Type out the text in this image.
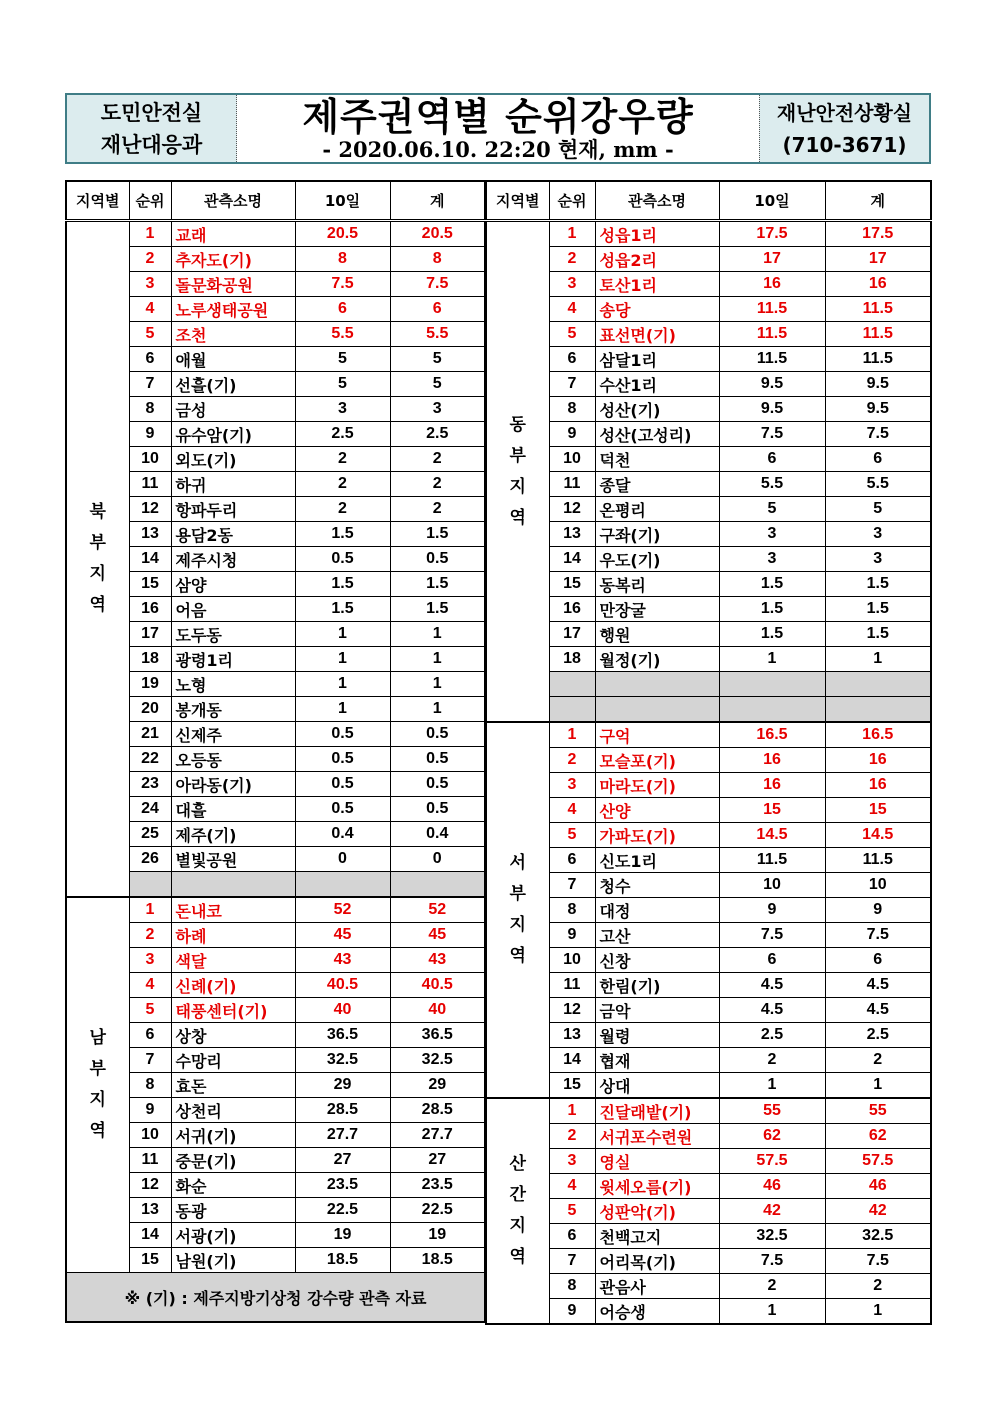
도민안전실
재난대응과
제주권역별 순위강우량
- 2020.06.10. 22:20 현재, mm -
재난안전상황실
(710-3671)
지역별	순위	관측소명	10일	계

북
부
지
역	1	교래	20.5	20.5
	2	추자도(기)	8	8
	3	돌문화공원	7.5	7.5
	4	노루생태공원	6	6
	5	조천	5.5	5.5
	6	애월	5	5
	7	선흘(기)	5	5
	8	금성	3	3
	9	유수암(기)	2.5	2.5
	10	외도(기)	2	2
	11	하귀	2	2
	12	항파두리	2	2
	13	용담2동	1.5	1.5
	14	제주시청	0.5	0.5
	15	삼양	1.5	1.5
	16	어음	1.5	1.5
	17	도두동	1	1
	18	광령1리	1	1
	19	노형	1	1
	20	봉개동	1	1
	21	신제주	0.5	0.5
	22	오등동	0.5	0.5
	23	아라동(기)	0.5	0.5
	24	대흘	0.5	0.5
	25	제주(기)	0.4	0.4
	26	별빛공원	0	0

남
부
지
역	1	돈내코	52	52
	2	하례	45	45
	3	색달	43	43
	4	신례(기)	40.5	40.5
	5	태풍센터(기)	40	40
	6	상창	36.5	36.5
	7	수망리	32.5	32.5
	8	효돈	29	29
	9	상천리	28.5	28.5
	10	서귀(기)	27.7	27.7
	11	중문(기)	27	27
	12	화순	23.5	23.5
	13	동광	22.5	22.5
	14	서광(기)	19	19
	15	남원(기)	18.5	18.5
※ (기) : 제주지방기상청 강수량 관측 자료				
지역별	순위	관측소명	10일	계

동
부
지
역	1	성읍1리	17.5	17.5
	2	성읍2리	17	17
	3	토산1리	16	16
	4	송당	11.5	11.5
	5	표선면(기)	11.5	11.5
	6	삼달1리	11.5	11.5
	7	수산1리	9.5	9.5
	8	성산(기)	9.5	9.5
	9	성산(고성리)	7.5	7.5
	10	덕천	6	6
	11	종달	5.5	5.5
	12	온평리	5	5
	13	구좌(기)	3	3
	14	우도(기)	3	3
	15	동복리	1.5	1.5
	16	만장굴	1.5	1.5
	17	행원	1.5	1.5
	18	월정(기)	1	1

서
부
지
역	1	구억	16.5	16.5
	2	모슬포(기)	16	16
	3	마라도(기)	16	16
	4	산양	15	15
	5	가파도(기)	14.5	14.5
	6	신도1리	11.5	11.5
	7	청수	10	10
	8	대정	9	9
	9	고산	7.5	7.5
	10	신창	6	6
	11	한림(기)	4.5	4.5
	12	금악	4.5	4.5
	13	월령	2.5	2.5
	14	협재	2	2
	15	상대	1	1

산
간
지
역	1	진달래밭(기)	55	55
	2	서귀포수련원	62	62
	3	영실	57.5	57.5
	4	윗세오름(기)	46	46
	5	성판악(기)	42	42
	6	천백고지	32.5	32.5
	7	어리목(기)	7.5	7.5
	8	관음사	2	2
	9	어승생	1	1
